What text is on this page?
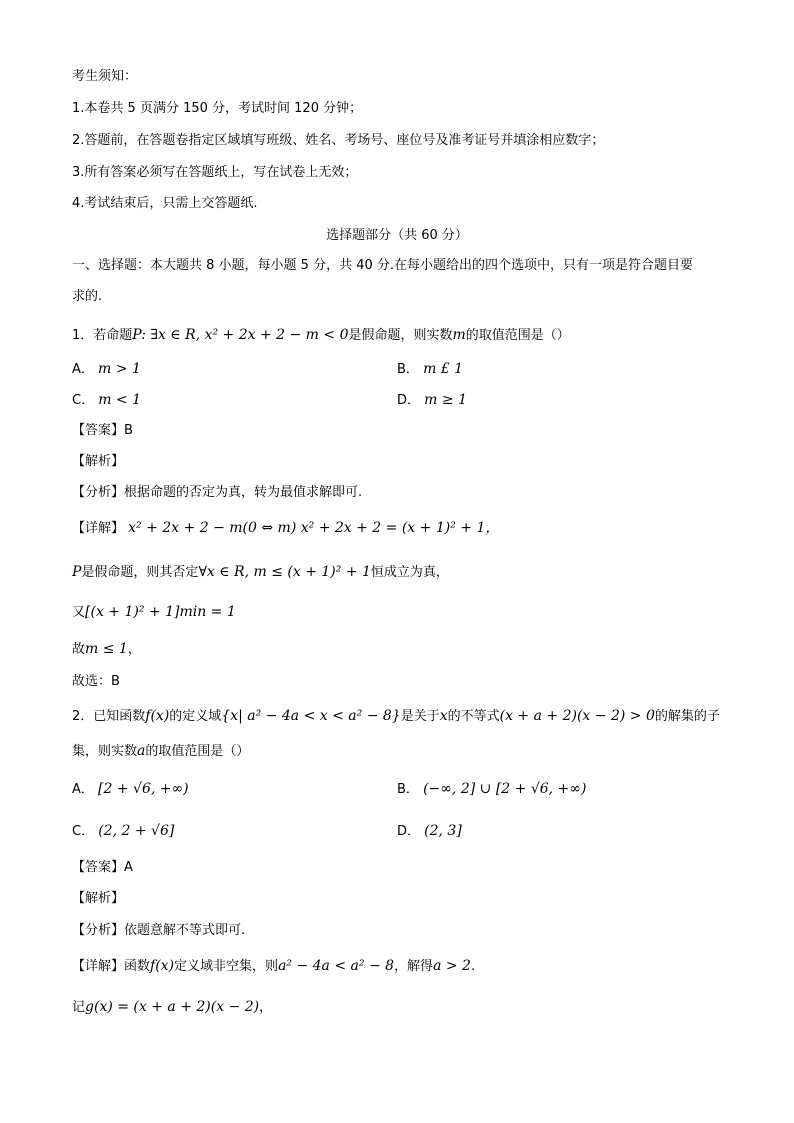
考生须知：
1.本卷共 5 页满分 150 分，考试时间 120 分钟；
2.答题前，在答题卷指定区域填写班级、姓名、考场号、座位号及准考证号并填涂相应数字；
3.所有答案必须写在答题纸上，写在试卷上无效；
4.考试结束后，只需上交答题纸.
选择题部分（共 60 分）
一、选择题：本大题共 8 小题，每小题 5 分，共 40 分.在每小题给出的四个选项中，只有一项是符合题目要
求的.
1．若命题P: ∃x ∈ R, x² + 2x + 2 − m < 0是假命题，则实数m的取值范围是（）
A． m > 1	B． m £ 1
C． m < 1	D． m ≥ 1
【答案】B
【解析】
【分析】根据命题的否定为真，转为最值求解即可.
【详解】 x² + 2x + 2 − m(0 ⇔ m) x² + 2x + 2 = (x + 1)² + 1，
P是假命题，则其否定∀x ∈ R, m ≤ (x + 1)² + 1恒成立为真，
又[(x + 1)² + 1]min = 1
故m ≤ 1，
故选：B
2．已知函数f(x)的定义域{x| a² − 4a < x < a² − 8}是关于x的不等式(x + a + 2)(x − 2) > 0的解集的子
集，则实数a的取值范围是（）
A． [2 + √6, +∞)	B． (−∞, 2] ∪ [2 + √6, +∞)
C． (2, 2 + √6]	D． (2, 3]
【答案】A
【解析】
【分析】依题意解不等式即可.
【详解】函数f(x)定义域非空集，则a² − 4a < a² − 8，解得a > 2.
记g(x) = (x + a + 2)(x − 2)，
